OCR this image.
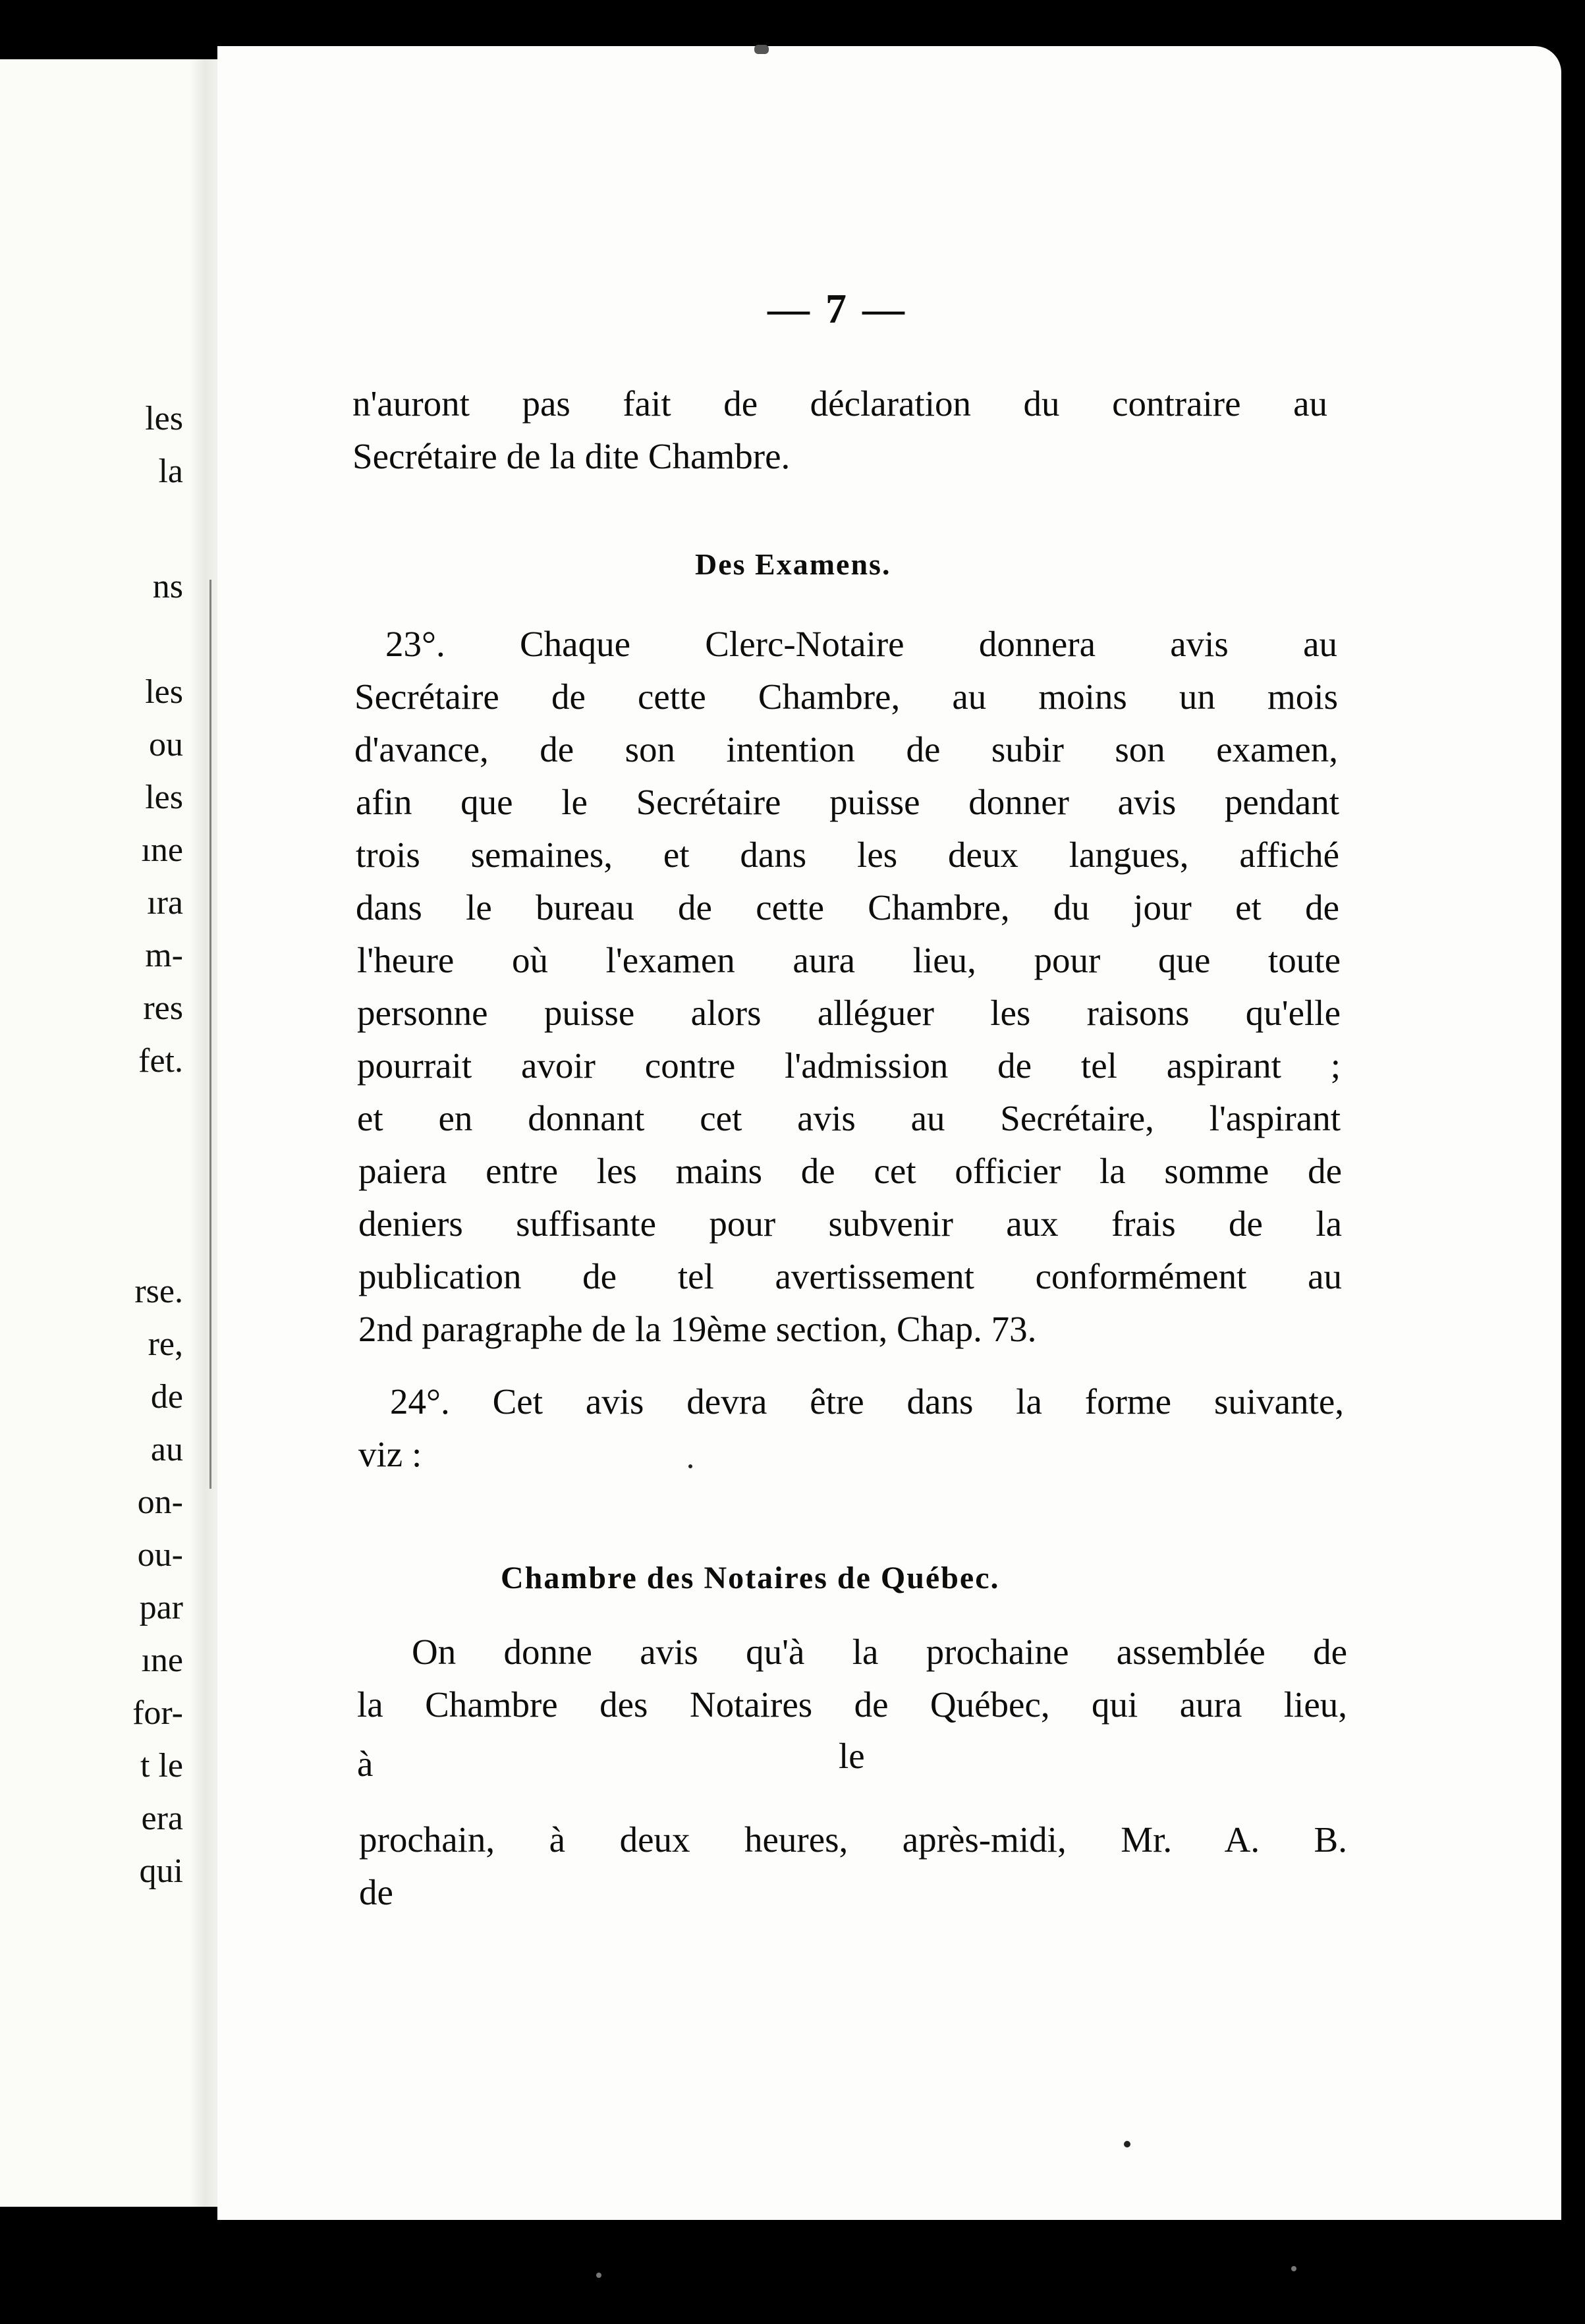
les
la
ns
les
ou
les
ıne
ıra
m-
res
fet.
rse.
re,
de
au
on-
ou-
par
ıne
for-
t le
era
qui
— 7 —
n'auront pas fait de déclaration du contraire au
Secrétaire de la dite Chambre.
Des Examens.
23°. Chaque Clerc-Notaire donnera avis au
Secrétaire de cette Chambre, au moins un mois
d'avance, de son intention de subir son examen,
afin que le Secrétaire puisse donner avis pendant
trois semaines, et dans les deux langues, affiché
dans le bureau de cette Chambre, du jour et de
l'heure où l'examen aura lieu, pour que toute
personne puisse alors alléguer les raisons qu'elle
pourrait avoir contre l'admission de tel aspirant ;
et en donnant cet avis au Secrétaire, l'aspirant
paiera entre les mains de cet officier la somme de
deniers suffisante pour subvenir aux frais de la
publication de tel avertissement conformément au
2nd paragraphe de la 19ème section, Chap. 73.
24°. Cet avis devra être dans la forme suivante,
viz :
Chambre des Notaires de Québec.
On donne avis qu'à la prochaine assemblée de
la Chambre des Notaires de Québec, qui aura lieu,
à	le
prochain, à deux heures, après-midi, Mr. A. B.
de
